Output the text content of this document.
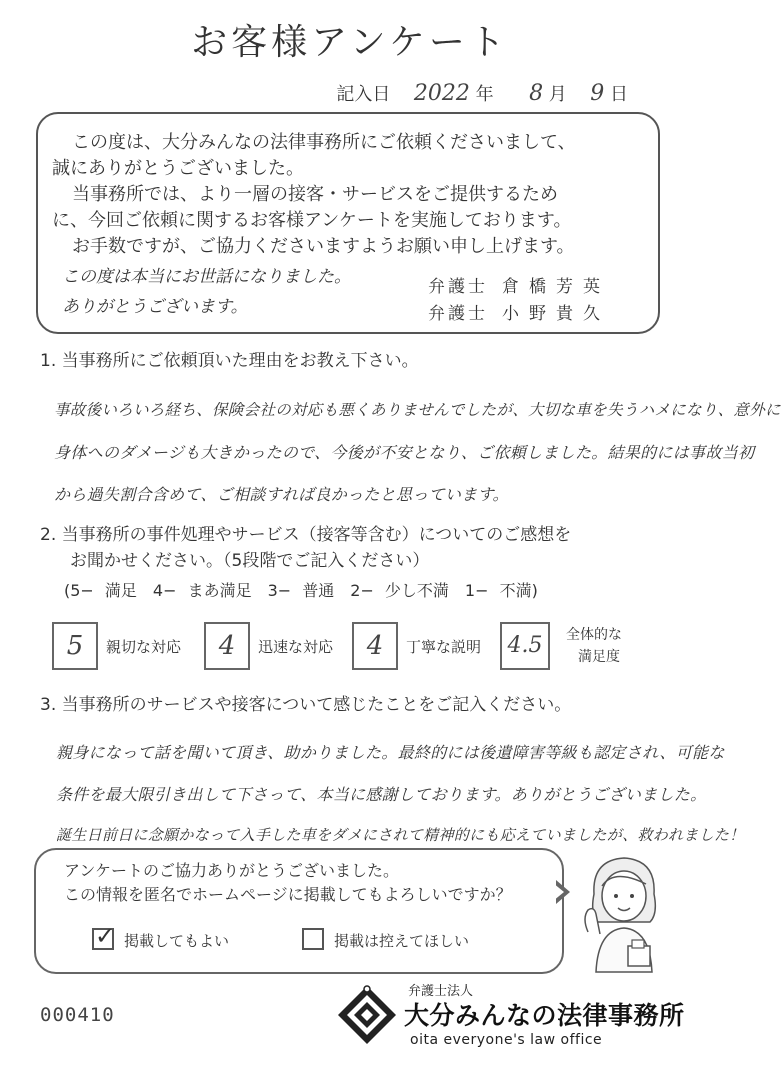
お客様アンケート
記入日 2022 年 8 月 9 日
この度は、大分みんなの法律事務所にご依頼くださいまして、
誠にありがとうございました。
当事務所では、より一層の接客・サービスをご提供するため
に、今回ご依頼に関するお客様アンケートを実施しております。
お手数ですが、ご協力くださいますようお願い申し上げます。
この度は本当にお世話になりました。
ありがとうございます。
弁護士 倉橋芳英
弁護士 小野貴久
1. 当事務所にご依頼頂いた理由をお教え下さい。
事故後いろいろ経ち、保険会社の対応も悪くありませんでしたが、大切な車を失うハメになり、意外に
身体へのダメージも大きかったので、今後が不安となり、ご依頼しました。結果的には事故当初
から過失割合含めて、ご相談すれば良かったと思っています。
2. 当事務所の事件処理やサービス（接客等含む）についてのご感想を
お聞かせください。（5段階でご記入ください）
(5− 満足　4− まあ満足　3− 普通　2− 少し不満　1− 不満)
5	親切な対応	4	迅速な対応	4	丁寧な説明	4.5	全体的な
満足度
3. 当事務所のサービスや接客について感じたことをご記入ください。
親身になって話を聞いて頂き、助かりました。最終的には後遺障害等級も認定され、可能な
条件を最大限引き出して下さって、本当に感謝しております。ありがとうございました。
誕生日前日に念願かなって入手した車をダメにされて精神的にも応えていましたが、救われました！
アンケートのご協力ありがとうございました。
この情報を匿名でホームページに掲載してもよろしいですか？
✓ 掲載してもよい	掲載は控えてほしい
000410
弁護士法人
大分みんなの法律事務所
oita everyone's law office
